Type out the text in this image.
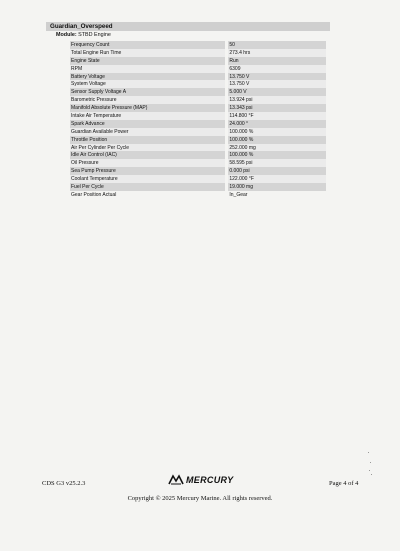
Guardian_Overspeed
Module: STBD Engine
Frequency Count		50
Total Engine Run Time		273.4 hrs
Engine State		Run
RPM		6309
Battery Voltage		13.750 V
System Voltage		13.750 V
Sensor Supply Voltage A		5.000 V
Barometric Pressure		13.924 psi
Manifold Absolute Pressure (MAP)		13.343 psi
Intake Air Temperature		114.800 °F
Spark Advance		24.000 °
Guardian Available Power		100.000 %
Throttle Position		100.000 %
Air Per Cylinder Per Cycle		252.000 mg
Idle Air Control (IAC)		100.000 %
Oil Pressure		58.595 psi
Sea Pump Pressure		0.000 psi
Coolant Temperature		122.000 °F
Fuel Per Cycle		19.000 mg
Gear Position Actual		In_Gear
CDS G3 v25.2.3	MERCURY	Page 4 of 4
Copyright © 2025 Mercury Marine. All rights reserved.
